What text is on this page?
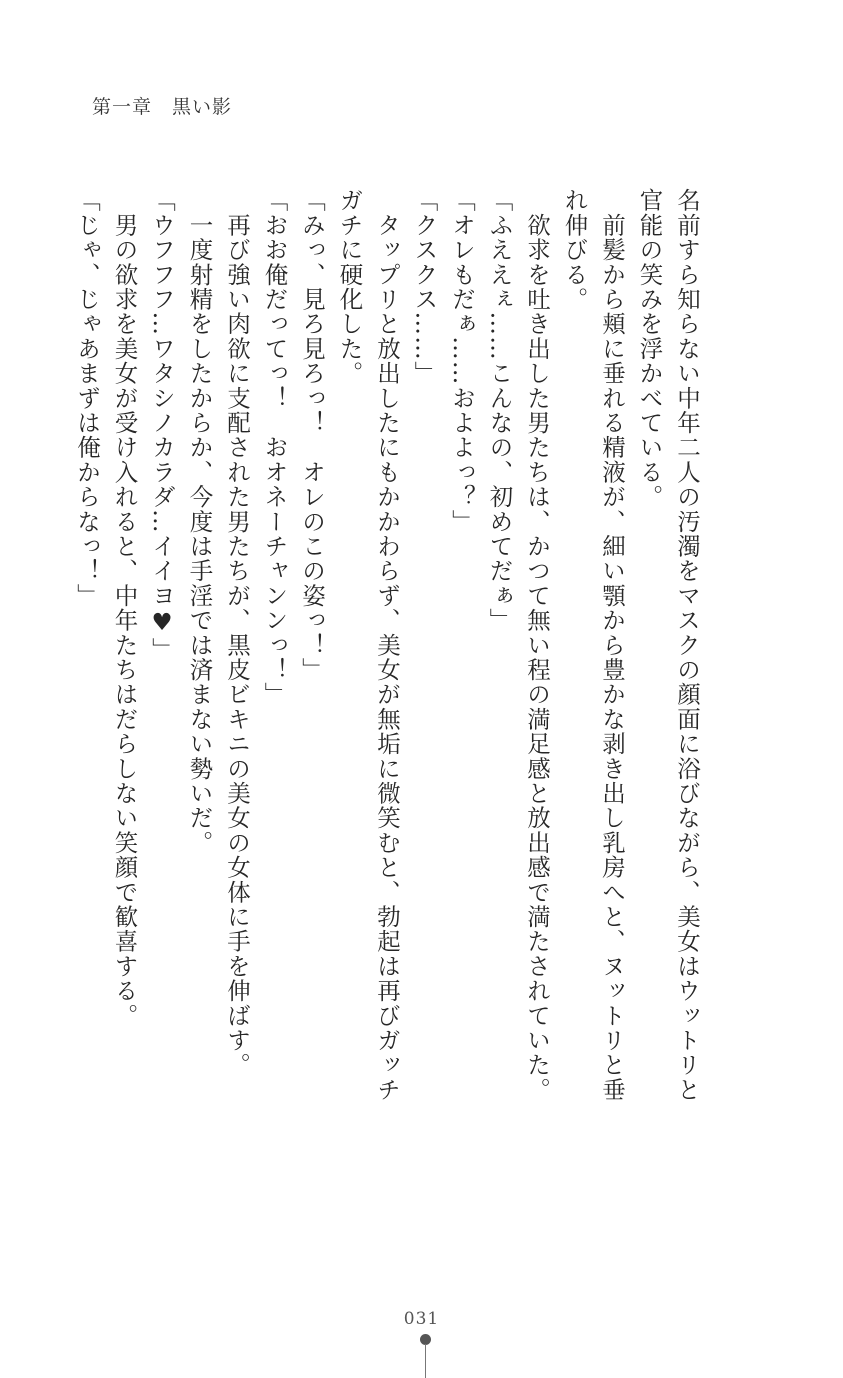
第一章　黒い影

名前すら知らない中年二人の汚濁をマスクの顔面に浴びながら、美女はウットリと官能の笑みを浮かべている。

　前髪から頬に垂れる精液が、細い顎から豊かな剥き出し乳房へと、ヌットリと垂れ伸びる。

　欲求を吐き出した男たちは、かつて無い程の満足感と放出感で満たされていた。

「ふええぇ……こんなの、初めてだぁ」

「オレもだぁ……およよっ？」

「クスクス……」

　タップリと放出したにもかかわらず、美女が無垢に微笑むと、勃起は再びガッチガチに硬化した。

「みっ、見ろ見ろっ！　オレのこの姿っ！」

「おお俺だってっ！　おオネーチャンンっ！」

　再び強い肉欲に支配された男たちが、黒皮ビキニの美女の女体に手を伸ばす。

　一度射精をしたからか、今度は手淫では済まない勢いだ。

「ウフフフ…ワタシノカラダ…イイヨ♥」

　男の欲求を美女が受け入れると、中年たちはだらしない笑顔で歓喜する。

「じゃ、じゃあまずは俺からなっ！」

031
